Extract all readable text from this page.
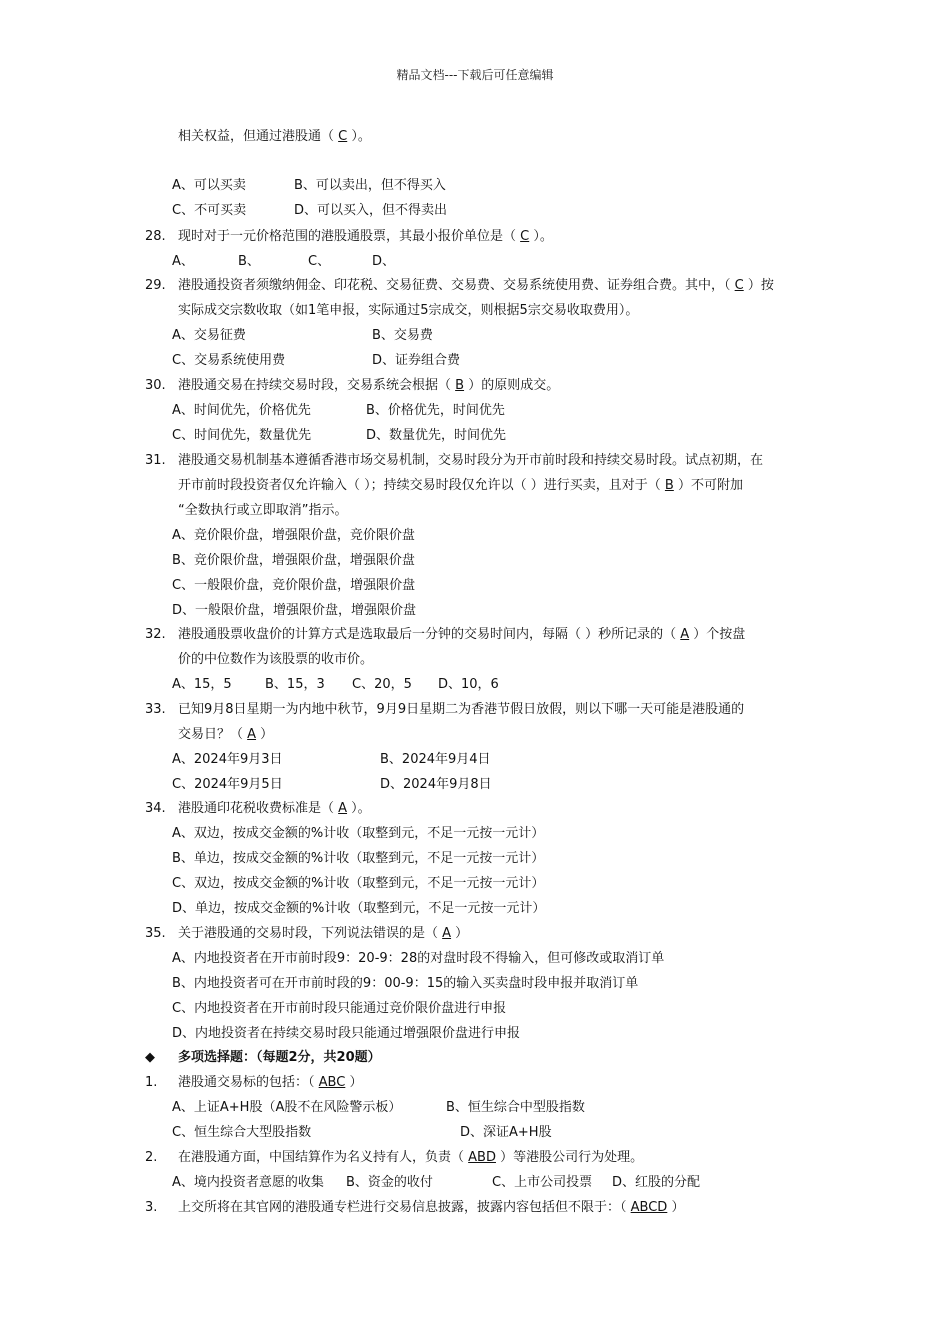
精品文档---下载后可任意编辑
相关权益，但通过港股通（ C ）。
A、可以买卖	B、可以卖出，但不得买入
C、不可买卖	D、可以买入，但不得卖出
28. 现时对于一元价格范围的港股通股票，其最小报价单位是（ C ）。
A、	B、	C、	D、
29. 港股通投资者须缴纳佣金、印花税、交易征费、交易费、交易系统使用费、证券组合费。其中，（ C ）按
实际成交宗数收取（如1笔申报，实际通过5宗成交，则根据5宗交易收取费用）。
A、交易征费	B、交易费
C、交易系统使用费	D、证券组合费
30. 港股通交易在持续交易时段，交易系统会根据（ B ）的原则成交。
A、时间优先，价格优先	B、价格优先，时间优先
C、时间优先，数量优先	D、数量优先，时间优先
31. 港股通交易机制基本遵循香港市场交易机制，交易时段分为开市前时段和持续交易时段。试点初期，在
开市前时段投资者仅允许输入（ ）；持续交易时段仅允许以（ ）进行买卖，且对于（ B ）不可附加
“全数执行或立即取消”指示。
A、竞价限价盘，增强限价盘，竞价限价盘
B、竞价限价盘，增强限价盘，增强限价盘
C、一般限价盘，竞价限价盘，增强限价盘
D、一般限价盘，增强限价盘，增强限价盘
32. 港股通股票收盘价的计算方式是选取最后一分钟的交易时间内，每隔（ ）秒所记录的（ A ）个按盘
价的中位数作为该股票的收市价。
A、15，5	B、15，3 C、20，5 D、10，6
33. 已知9月8日星期一为内地中秋节，9月9日星期二为香港节假日放假，则以下哪一天可能是港股通的
交易日？（ A ）
A、2024年9月3日	B、2024年9月4日
C、2024年9月5日	D、2024年9月8日
34. 港股通印花税收费标准是（ A ）。
A、双边，按成交金额的%计收（取整到元，不足一元按一元计）
B、单边，按成交金额的%计收（取整到元，不足一元按一元计）
C、双边，按成交金额的%计收（取整到元，不足一元按一元计）
D、单边，按成交金额的%计收（取整到元，不足一元按一元计）
35. 关于港股通的交易时段，下列说法错误的是（ A ）
A、内地投资者在开市前时段9：20-9：28的对盘时段不得输入，但可修改或取消订单
B、内地投资者可在开市前时段的9：00-9：15的输入买卖盘时段申报并取消订单
C、内地投资者在开市前时段只能通过竞价限价盘进行申报
D、内地投资者在持续交易时段只能通过增强限价盘进行申报
◆ 多项选择题：（每题2分，共20题）
1. 港股通交易标的包括：（ ABC ）
A、上证A+H股（A股不在风险警示板）	B、恒生综合中型股指数
C、恒生综合大型股指数	D、深证A+H股
2. 在港股通方面，中国结算作为名义持有人，负责（ ABD ）等港股公司行为处理。
A、境内投资者意愿的收集 B、资金的收付	C、上市公司投票 D、红股的分配
3. 上交所将在其官网的港股通专栏进行交易信息披露，披露内容包括但不限于：（ ABCD ）
